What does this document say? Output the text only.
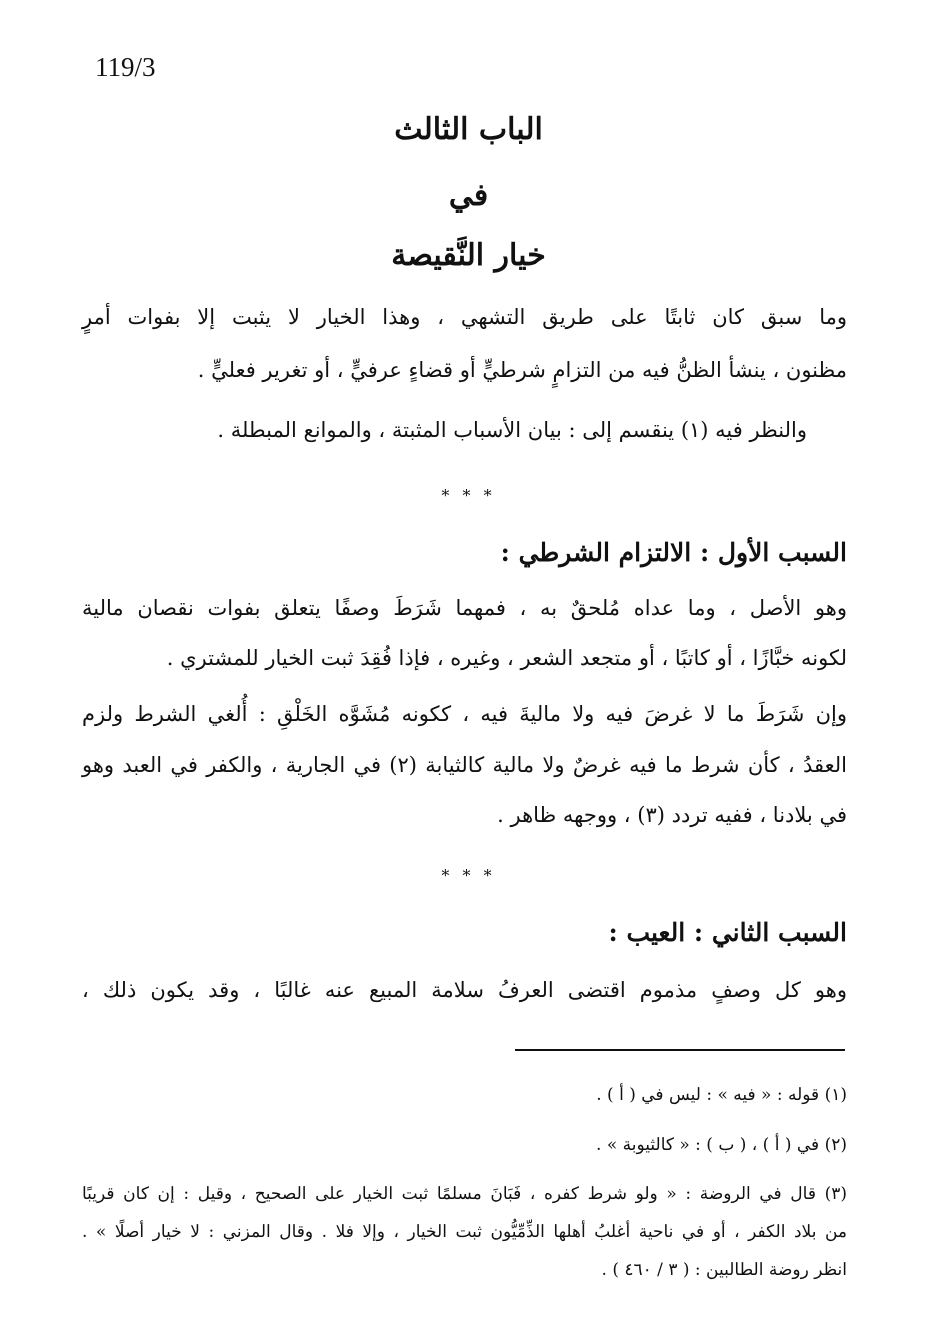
119/3
الباب الثالث
في
خيار النَّقيصة
وما سبق كان ثابتًا على طريق التشهي ، وهذا الخيار لا يثبت إلا بفوات أمرٍ
مظنون ، ينشأ الظنُّ فيه من التزامٍ شرطيٍّ أو قضاءٍ عرفيٍّ ، أو تغرير فعليٍّ .
والنظر فيه (١) ينقسم إلى : بيان الأسباب المثبتة ، والموانع المبطلة .
* * *
السبب الأول : الالتزام الشرطي :
وهو الأصل ، وما عداه مُلحقٌ به ، فمهما شَرَطَ وصفًا يتعلق بفوات نقصان مالية
لكونه خبَّازًا ، أو كاتبًا ، أو متجعد الشعر ، وغيره ، فإذا فُقِدَ ثبت الخيار للمشتري .
وإن شَرَطَ ما لا غرضَ فيه ولا ماليةَ فيه ، ككونه مُشَوَّه الخَلْقِ : أُلغي الشرط ولزم
العقدُ ، كأن شرط ما فيه غرضٌ ولا مالية كالثيابة (٢) في الجارية ، والكفر في العبد وهو
في بلادنا ، ففيه تردد (٣) ، ووجهه ظاهر .
* * *
السبب الثاني : العيب :
وهو كل وصفٍ مذموم اقتضى العرفُ سلامة المبيع عنه غالبًا ، وقد يكون ذلك ،
(١) قوله : « فيه » : ليس في ( أ ) .
(٢) في ( أ ) ، ( ب ) : « كالثيوبة » .
(٣) قال في الروضة : « ولو شرط كفره ، فَبَانَ مسلمًا ثبت الخيار على الصحيح ، وقيل : إن كان قريبًا
من بلاد الكفر ، أو في ناحية أغلبُ أهلها الذِّمِّيُّون ثبت الخيار ، وإلا فلا . وقال المزني : لا خيار أصلًا » .
انظر روضة الطالبين : ( ٣ / ٤٦٠ ) .
